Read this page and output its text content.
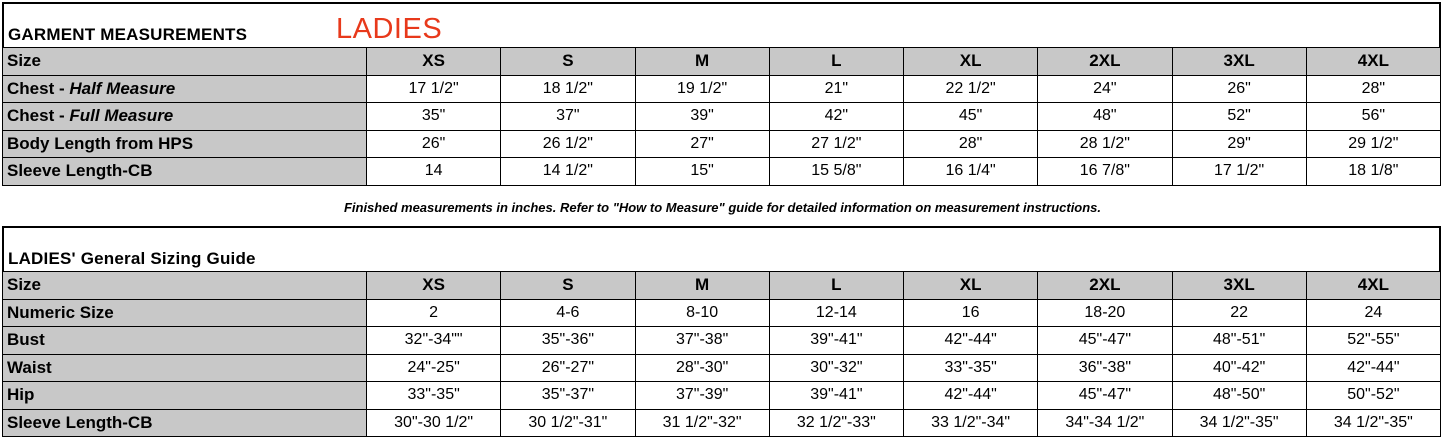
GARMENT MEASUREMENTS	LADIES
Size	XS	S	M	L	XL	2XL	3XL	4XL
Chest - Half Measure	17 1/2"	18 1/2"	19 1/2"	21"	22 1/2"	24"	26"	28"
Chest - Full Measure	35"	37"	39"	42"	45"	48"	52"	56"
Body Length from HPS	26"	26 1/2"	27"	27 1/2"	28"	28 1/2"	29"	29 1/2"
Sleeve Length-CB	14	14 1/2"	15"	15 5/8"	16 1/4"	16 7/8"	17 1/2"	18 1/8"
Finished measurements in inches. Refer to "How to Measure" guide for detailed information on measurement instructions.
LADIES' General Sizing Guide
Size	XS	S	M	L	XL	2XL	3XL	4XL
Numeric Size	2	4-6	8-10	12-14	16	18-20	22	24
Bust	32"-34""	35"-36"	37"-38"	39"-41"	42"-44"	45"-47"	48"-51"	52"-55"
Waist	24"-25"	26"-27"	28"-30"	30"-32"	33"-35"	36"-38"	40"-42"	42"-44"
Hip	33"-35"	35"-37"	37"-39"	39"-41"	42"-44"	45"-47"	48"-50"	50"-52"
Sleeve Length-CB	30"-30 1/2"	30 1/2"-31"	31 1/2"-32"	32 1/2"-33"	33 1/2"-34"	34"-34 1/2"	34 1/2"-35"	34 1/2"-35"
